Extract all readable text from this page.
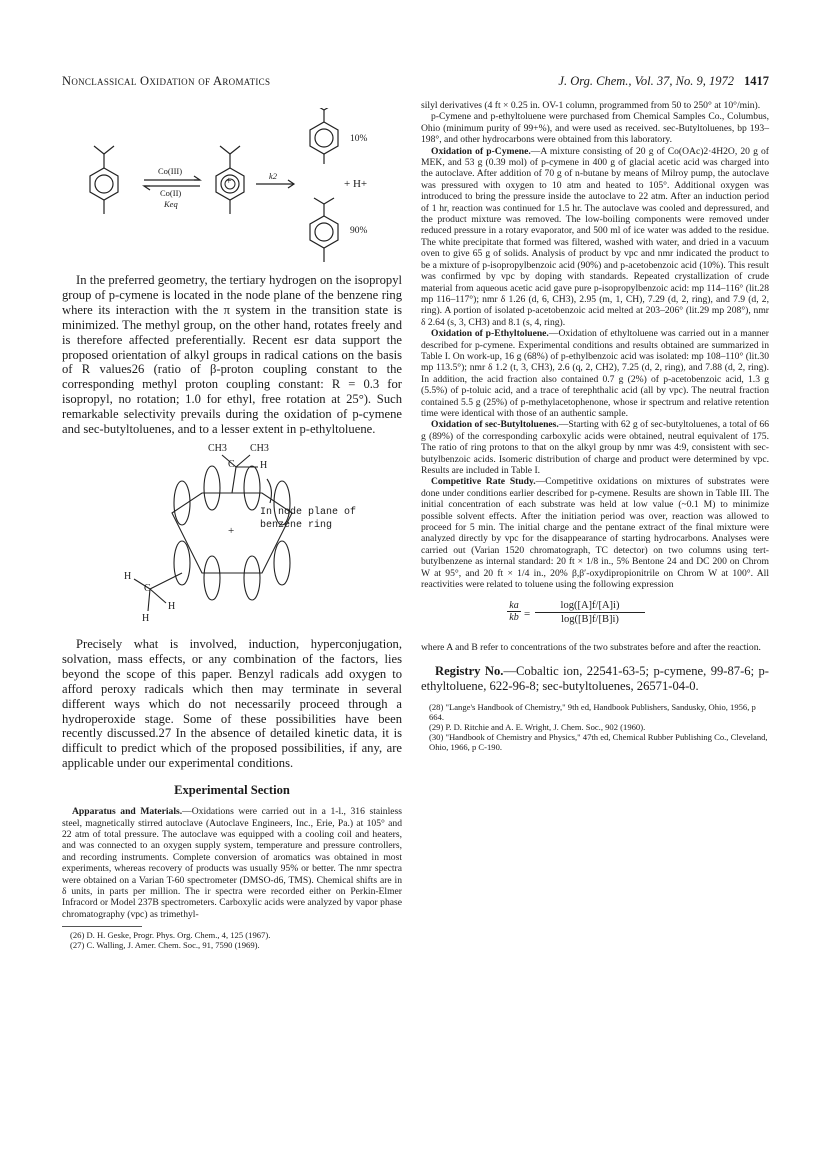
Nonclassical Oxidation of Aromatics	J. Org. Chem., Vol. 37, No. 9, 1972 1417
+
Co(III)
Co(II)
Keq
k2
+ H+
10%
90%

In the preferred geometry, the tertiary hydrogen on the isopropyl group of p-cymene is located in the node plane of the benzene ring where its interaction with the π system in the transition state is minimized. The methyl group, on the other hand, rotates freely and is therefore affected preferentially. Recent esr data support the proposed orientation of alkyl groups in radical cations on the basis of R values26 (ratio of β-proton coupling constant to the corresponding methyl proton coupling constant: R = 0.3 for isopropyl, no rotation; 1.0 for ethyl, free rotation at 25°). Such remarkable selectivity prevails during the oxidation of p-cymene and sec-butyltoluenes, and to a lesser extent in p-ethyltoluene.

CH3 CH3
C	H
In node plane of
benzene ring
+
C
H
H
H

Precisely what is involved, induction, hyperconjugation, solvation, mass effects, or any combination of the factors, lies beyond the scope of this paper. Benzyl radicals add oxygen to afford peroxy radicals which then may terminate in several different ways which do not necessarily proceed through a hydroperoxide stage. Some of these possibilities have been recently discussed.27 In the absence of detailed kinetic data, it is difficult to predict which of the proposed possibilities, if any, are applicable under our experimental conditions.

Experimental Section

Apparatus and Materials.—Oxidations were carried out in a 1-l., 316 stainless steel, magnetically stirred autoclave (Autoclave Engineers, Inc., Erie, Pa.) at 105° and 22 atm of total pressure. The autoclave was equipped with a cooling coil and heaters, and was connected to an oxygen supply system, temperature and pressure controllers, and recording instruments. Complete conversion of aromatics was obtained in most experiments, whereas recovery of products was usually 95% or better. The nmr spectra were obtained on a Varian T-60 spectrometer (DMSO-d6, TMS). Chemical shifts are in δ units, in parts per million. The ir spectra were recorded either on Perkin-Elmer Infracord or Model 237B spectrometers. Carboxylic acids were analyzed by vapor phase chromatography (vpc) as trimethyl-

(26) D. H. Geske, Progr. Phys. Org. Chem., 4, 125 (1967).

(27) C. Walling, J. Amer. Chem. Soc., 91, 7590 (1969).

silyl derivatives (4 ft × 0.25 in. OV-1 column, programmed from 50 to 250° at 10°/min).

p-Cymene and p-ethyltoluene were purchased from Chemical Samples Co., Columbus, Ohio (minimum purity of 99+%), and were used as received. sec-Butyltoluenes, bp 193–198°, and other hydrocarbons were obtained from this laboratory.

Oxidation of p-Cymene.—A mixture consisting of 20 g of Co(OAc)2·4H2O, 20 g of MEK, and 53 g (0.39 mol) of p-cymene in 400 g of glacial acetic acid was charged into the autoclave. After addition of 70 g of n-butane by means of Milroy pump, the autoclave was pressured with oxygen to 10 atm and heated to 105°. Additional oxygen was introduced to bring the pressure inside the autoclave to 22 atm. After an induction period of 1 hr, reaction was continued for 1.5 hr. The autoclave was cooled and depressured, and the product mixture was removed. The low-boiling components were removed under reduced pressure in a rotary evaporator, and 500 ml of ice water was added to the residue. The white precipitate that formed was filtered, washed with water, and dried in a vacuum oven to give 65 g of solids. Analysis of product by vpc and nmr indicated the product to be a mixture of p-isopropylbenzoic acid (90%) and p-acetobenzoic acid (10%). This result was confirmed by vpc by doping with standards. Repeated crystallization of crude material from aqueous acetic acid gave pure p-isopropylbenzoic acid: mp 114–116° (lit.28 mp 116–117°); nmr δ 1.26 (d, 6, CH3), 2.95 (m, 1, CH), 7.29 (d, 2, ring), and 7.9 (d, 2, ring). A portion of isolated p-acetobenzoic acid melted at 203–206° (lit.29 mp 208°), nmr δ 2.64 (s, 3, CH3) and 8.1 (s, 4, ring).

Oxidation of p-Ethyltoluene.—Oxidation of ethyltoluene was carried out in a manner described for p-cymene. Experimental conditions and results obtained are summarized in Table I. On work-up, 16 g (68%) of p-ethylbenzoic acid was isolated: mp 108–110° (lit.30 mp 113.5°); nmr δ 1.2 (t, 3, CH3), 2.6 (q, 2, CH2), 7.25 (d, 2, ring), and 7.88 (d, 2, ring). In addition, the acid fraction also contained 0.7 g (2%) of p-acetobenzoic acid, 1.3 g (5.5%) of p-toluic acid, and a trace of terephthalic acid (all by vpc). The neutral fraction contained 5.5 g (25%) of p-methylacetophenone, whose ir spectrum and relative retention time were identical with those of an authentic sample.

Oxidation of sec-Butyltoluenes.—Starting with 62 g of sec-butyltoluenes, a total of 66 g (89%) of the corresponding carboxylic acids were obtained, neutral equivalent of 175. The ratio of ring protons to that on the alkyl group by nmr was 4:9, consistent with sec-butylbenzoic acids. Isomeric distribution of charge and product were determined by vpc. Results are included in Table I.

Competitive Rate Study.—Competitive oxidations on mixtures of substrates were done under conditions earlier described for p-cymene. Results are shown in Table III. The initial concentration of each substrate was held at low value (~0.1 M) to minimize possible solvent effects. After the initiation period was over, reaction was allowed to proceed for 5 min. The initial charge and the pentane extract of the final mixture were analyzed directly by vpc for the disappearance of starting hydrocarbons. Analyses were carried out (Varian 1520 chromatograph, TC detector) on two columns using tert-butylbenzene as internal standard: 20 ft × 1/8 in., 5% Bentone 24 and DC 200 on Chrom W at 95°, and 20 ft × 1/4 in., 20% β,β′-oxydipropionitrile on Chrom W at 100°. All reactivities were related to toluene using the following expression

ka
kb =
log([A]f/[A]i)
log([B]f/[B]i)

where A and B refer to concentrations of the two substrates before and after the reaction.

Registry No.—Cobaltic ion, 22541-63-5; p-cymene, 99-87-6; p-ethyltoluene, 622-96-8; sec-butyltoluenes, 26571-04-0.

(28) "Lange's Handbook of Chemistry," 9th ed, Handbook Publishers, Sandusky, Ohio, 1956, p 664.

(29) P. D. Ritchie and A. E. Wright, J. Chem. Soc., 902 (1960).

(30) "Handbook of Chemistry and Physics," 47th ed, Chemical Rubber Publishing Co., Cleveland, Ohio, 1966, p C-190.
